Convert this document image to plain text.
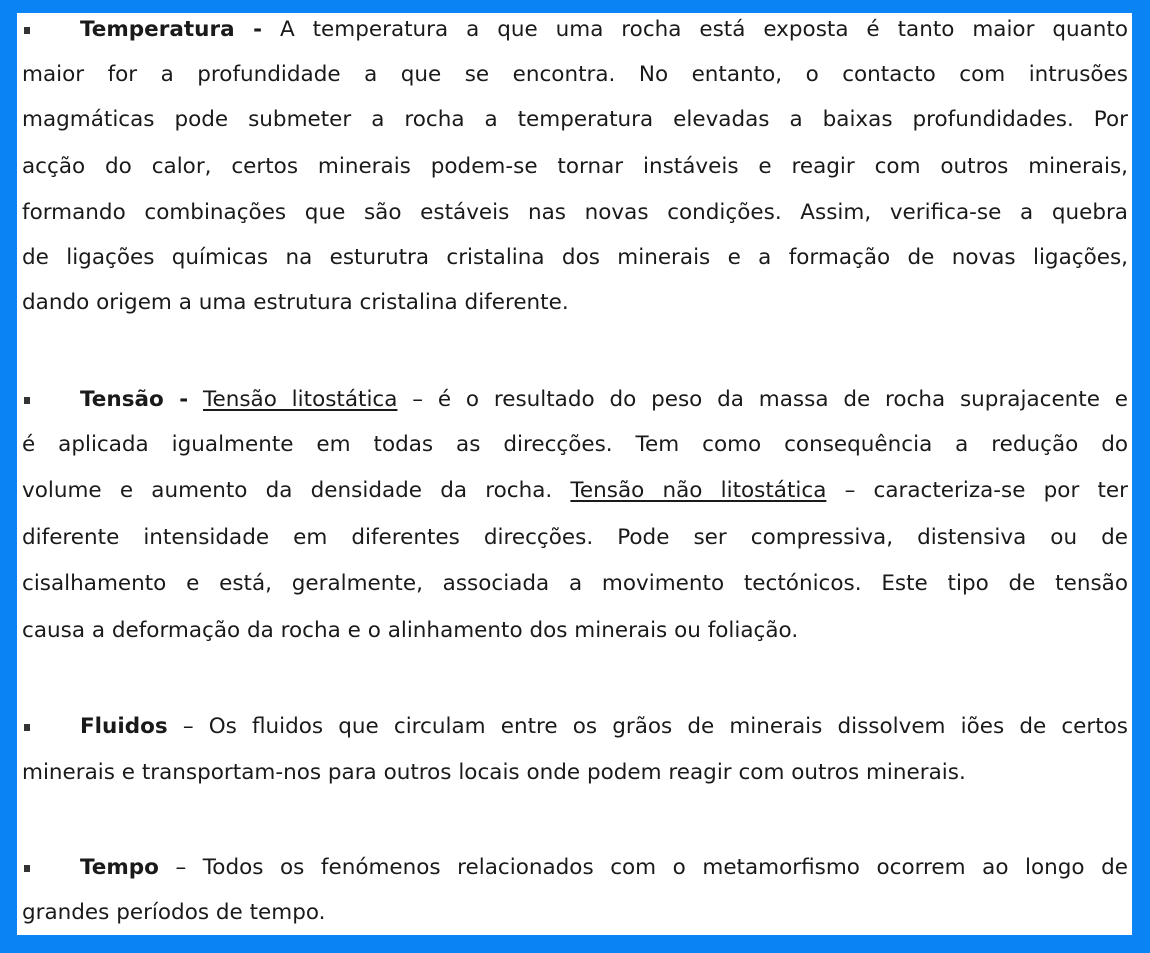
Temperatura - A temperatura a que uma rocha está exposta é tanto maior quanto
maior for a profundidade a que se encontra. No entanto, o contacto com intrusões
magmáticas pode submeter a rocha a temperatura elevadas a baixas profundidades. Por
acção do calor, certos minerais podem-se tornar instáveis e reagir com outros minerais,
formando combinações que são estáveis nas novas condições. Assim, verifica-se a quebra
de ligações químicas na esturutra cristalina dos minerais e a formação de novas ligações,
dando origem a uma estrutura cristalina diferente.
Tensão - Tensão litostática – é o resultado do peso da massa de rocha suprajacente e
é aplicada igualmente em todas as direcções. Tem como consequência a redução do
volume e aumento da densidade da rocha. Tensão não litostática – caracteriza-se por ter
diferente intensidade em diferentes direcções. Pode ser compressiva, distensiva ou de
cisalhamento e está, geralmente, associada a movimento tectónicos. Este tipo de tensão
causa a deformação da rocha e o alinhamento dos minerais ou foliação.
Fluidos – Os fluidos que circulam entre os grãos de minerais dissolvem iões de certos
minerais e transportam-nos para outros locais onde podem reagir com outros minerais.
Tempo – Todos os fenómenos relacionados com o metamorfismo ocorrem ao longo de
grandes períodos de tempo.
